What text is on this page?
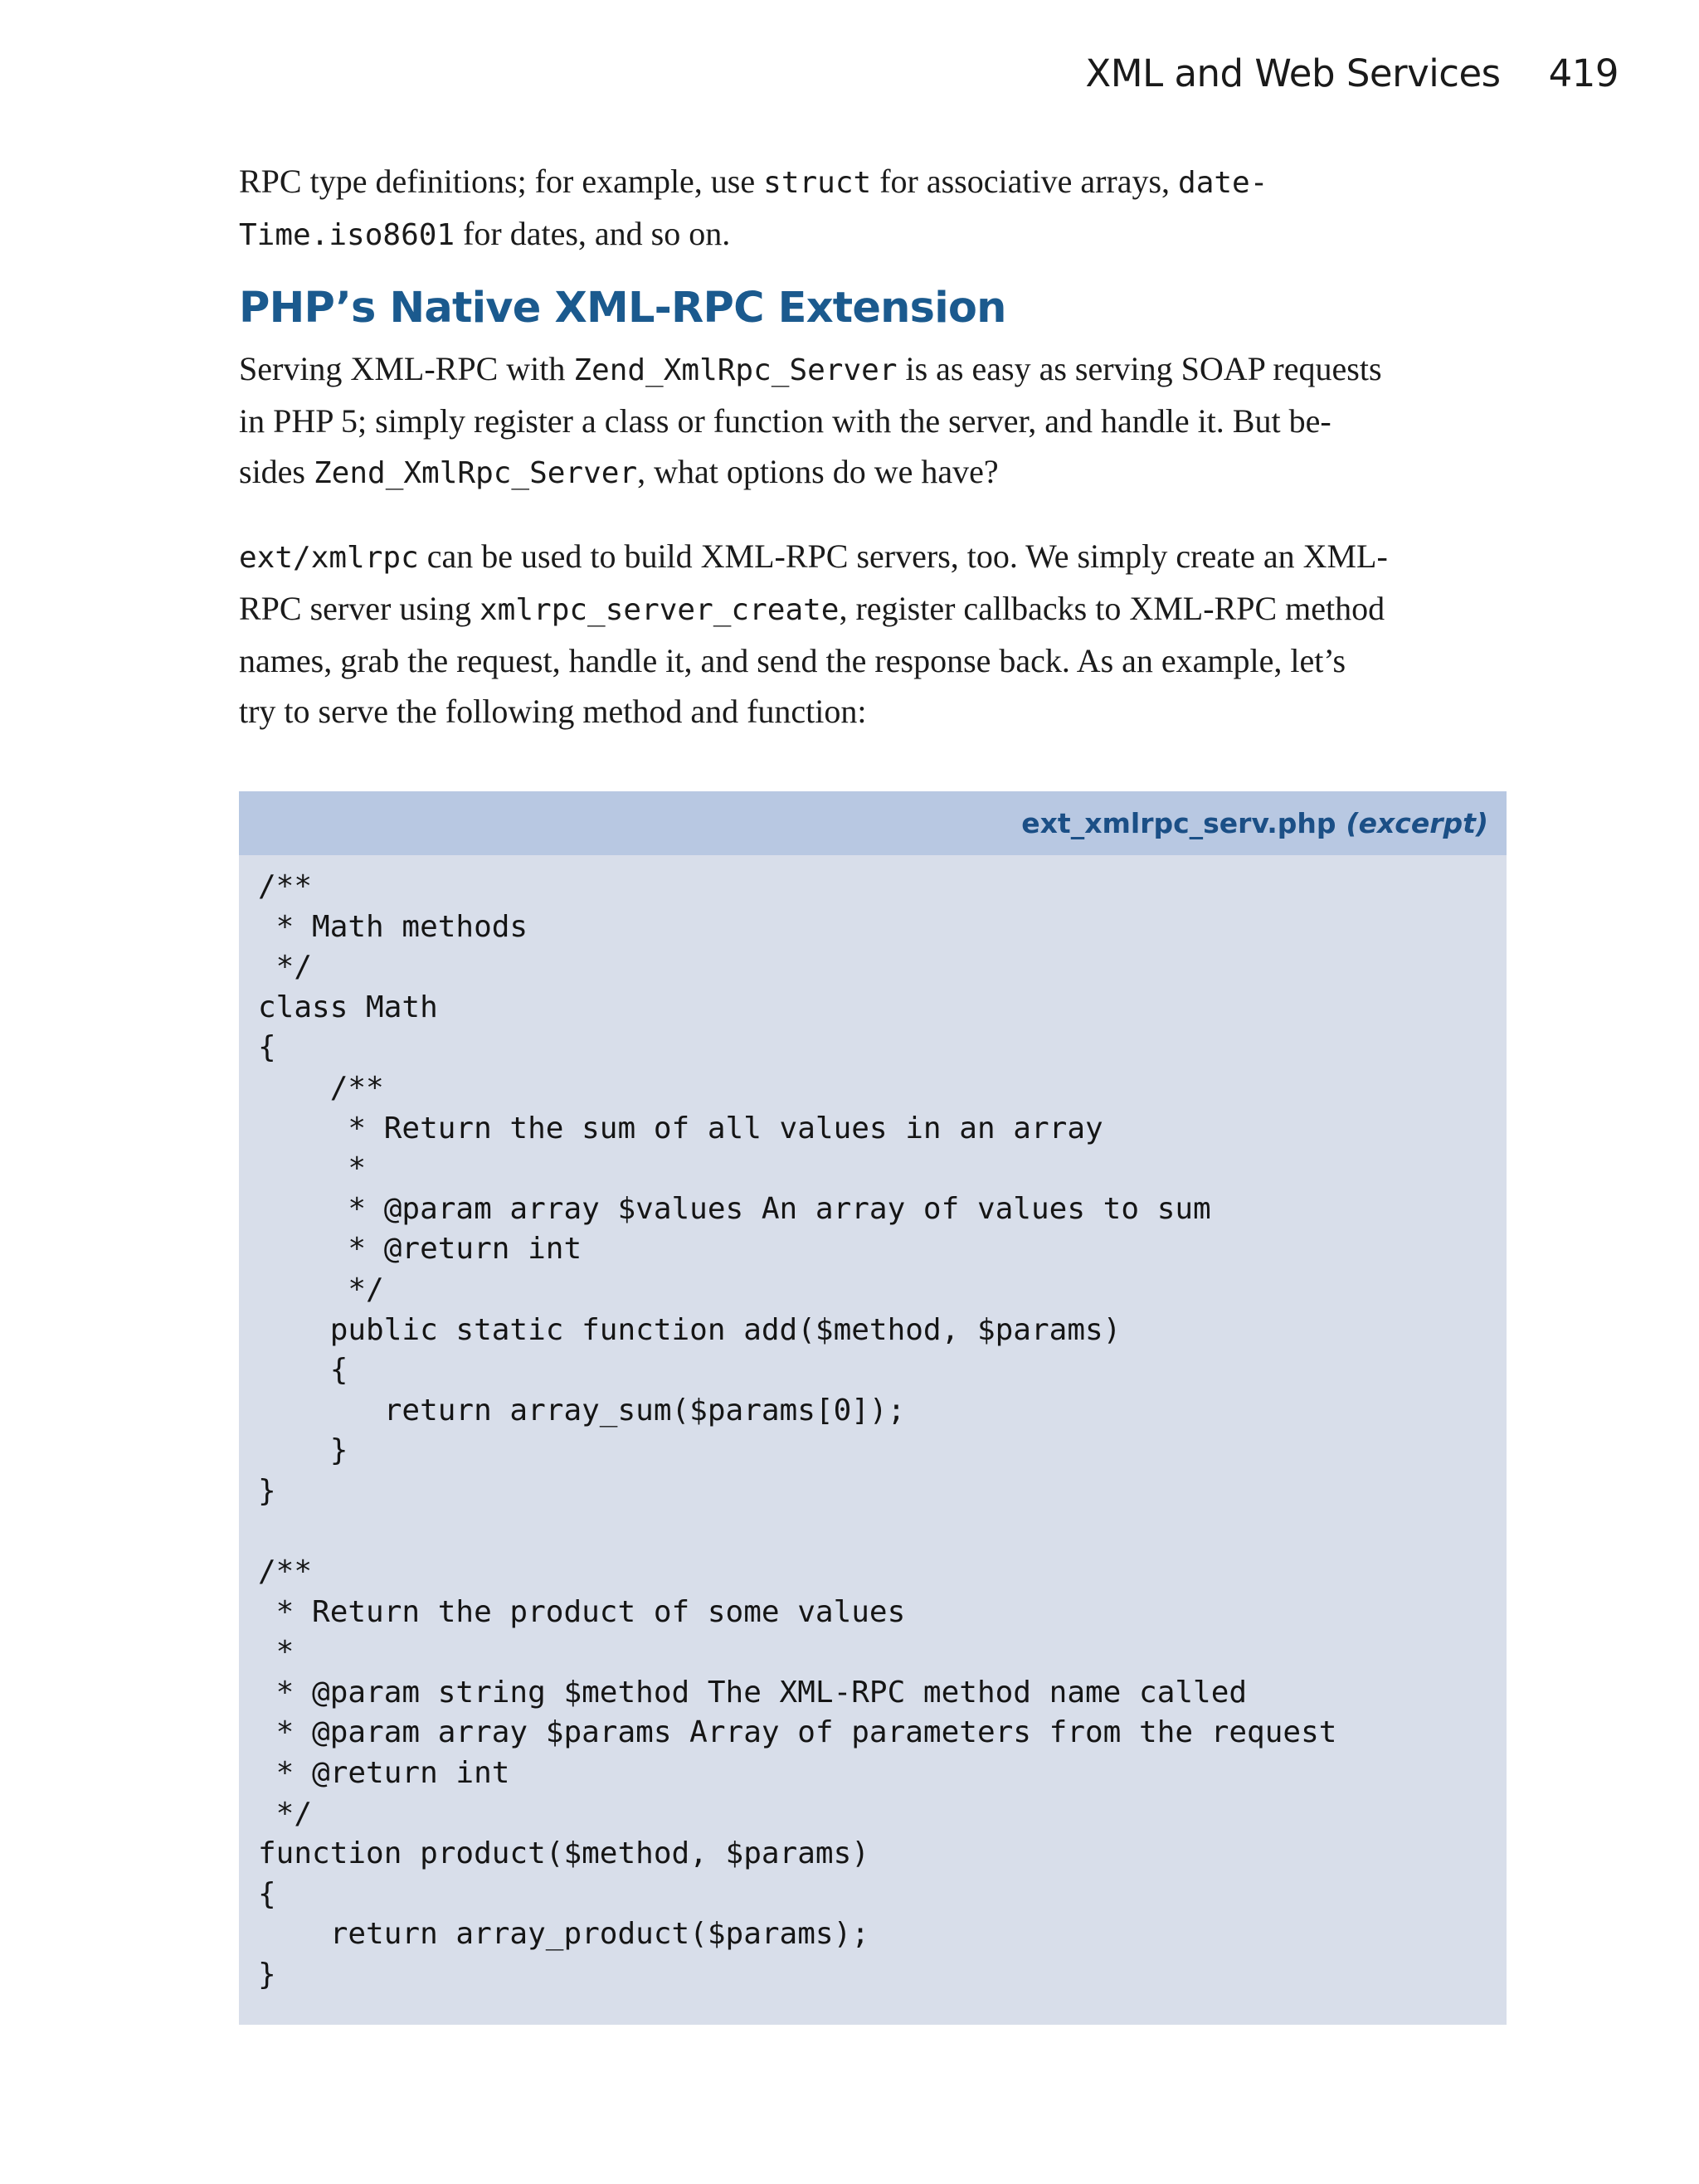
XML and Web Services 419

RPC type definitions; for example, use struct for associative arrays, date-
Time.iso8601 for dates, and so on.

PHP’s Native XML-RPC Extension

Serving XML-RPC with Zend_XmlRpc_Server is as easy as serving SOAP requests
in PHP 5; simply register a class or function with the server, and handle it. But be-
sides Zend_XmlRpc_Server, what options do we have?

ext/xmlrpc can be used to build XML-RPC servers, too. We simply create an XML-
RPC server using xmlrpc_server_create, register callbacks to XML-RPC method
names, grab the request, handle it, and send the response back. As an example, let’s
try to serve the following method and function:

ext_xmlrpc_serv.php (excerpt)
/**
* Math methods
*/
class Math
{
/**
* Return the sum of all values in an array
*
* @param array $values An array of values to sum
* @return int
*/
public static function add($method, $params)
{
return array_sum($params[0]);
}
}

/**
* Return the product of some values
*
* @param string $method The XML-RPC method name called
* @param array $params Array of parameters from the request
* @return int
*/
function product($method, $params)
{
return array_product($params);
}
